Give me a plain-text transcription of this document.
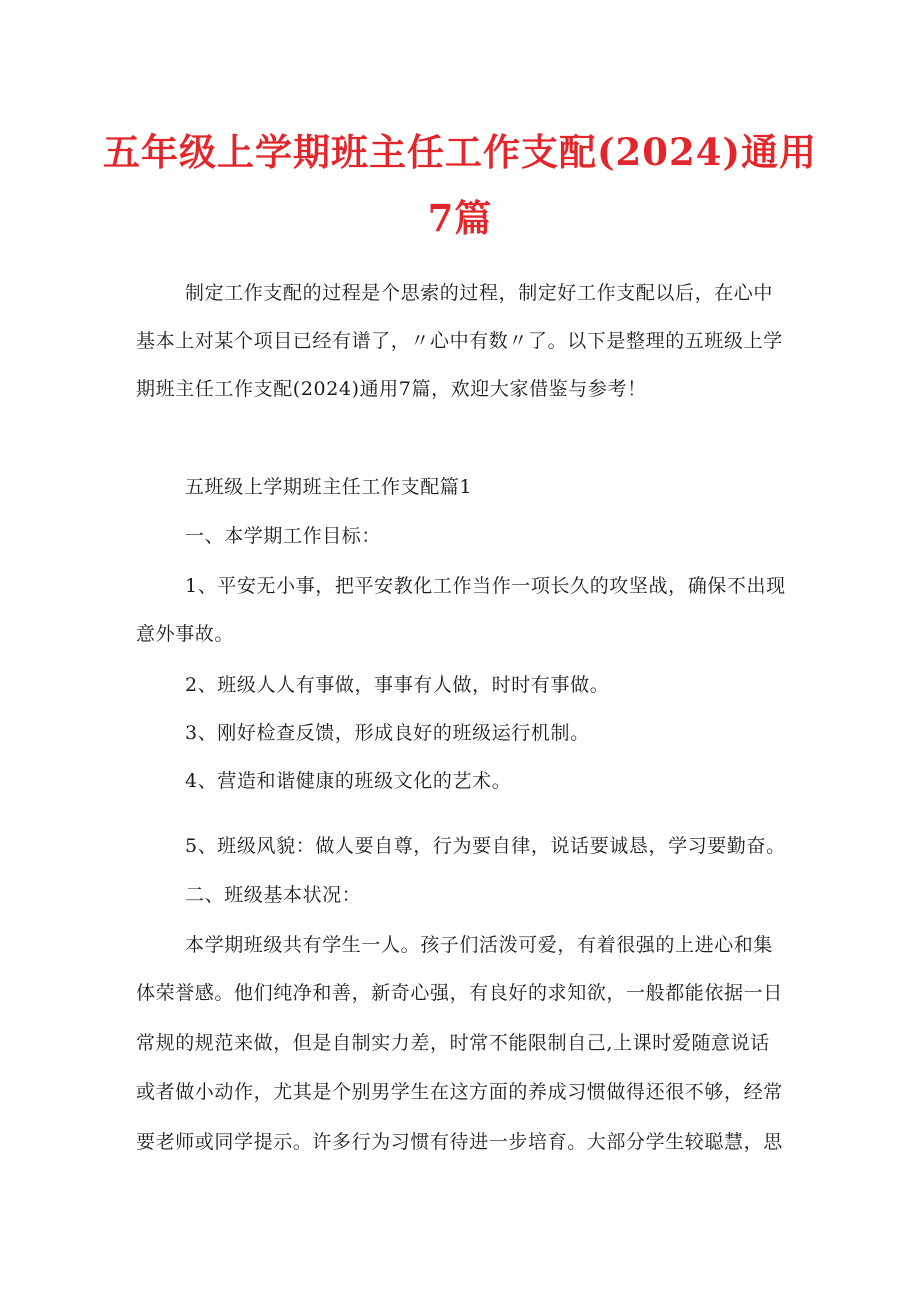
五年级上学期班主任工作支配(2024)通用
7篇

制定工作支配的过程是个思索的过程，制定好工作支配以后，在心中

基本上对某个项目已经有谱了，〃心中有数〃了。以下是整理的五班级上学

期班主任工作支配(2024)通用7篇，欢迎大家借鉴与参考！

五班级上学期班主任工作支配篇1

一、本学期工作目标：

1、平安无小事，把平安教化工作当作一项长久的攻坚战，确保不出现

意外事故。

2、班级人人有事做，事事有人做，时时有事做。

3、刚好检查反馈，形成良好的班级运行机制。

4、营造和谐健康的班级文化的艺术。

5、班级风貌：做人要自尊，行为要自律，说话要诚恳，学习要勤奋。

二、班级基本状况：

本学期班级共有学生一人。孩子们活泼可爱，有着很强的上进心和集

体荣誉感。他们纯净和善，新奇心强，有良好的求知欲，一般都能依据一日

常规的规范来做，但是自制实力差，时常不能限制自己,上课时爱随意说话

或者做小动作，尤其是个别男学生在这方面的养成习惯做得还很不够，经常

要老师或同学提示。许多行为习惯有待进一步培育。大部分学生较聪慧，思
